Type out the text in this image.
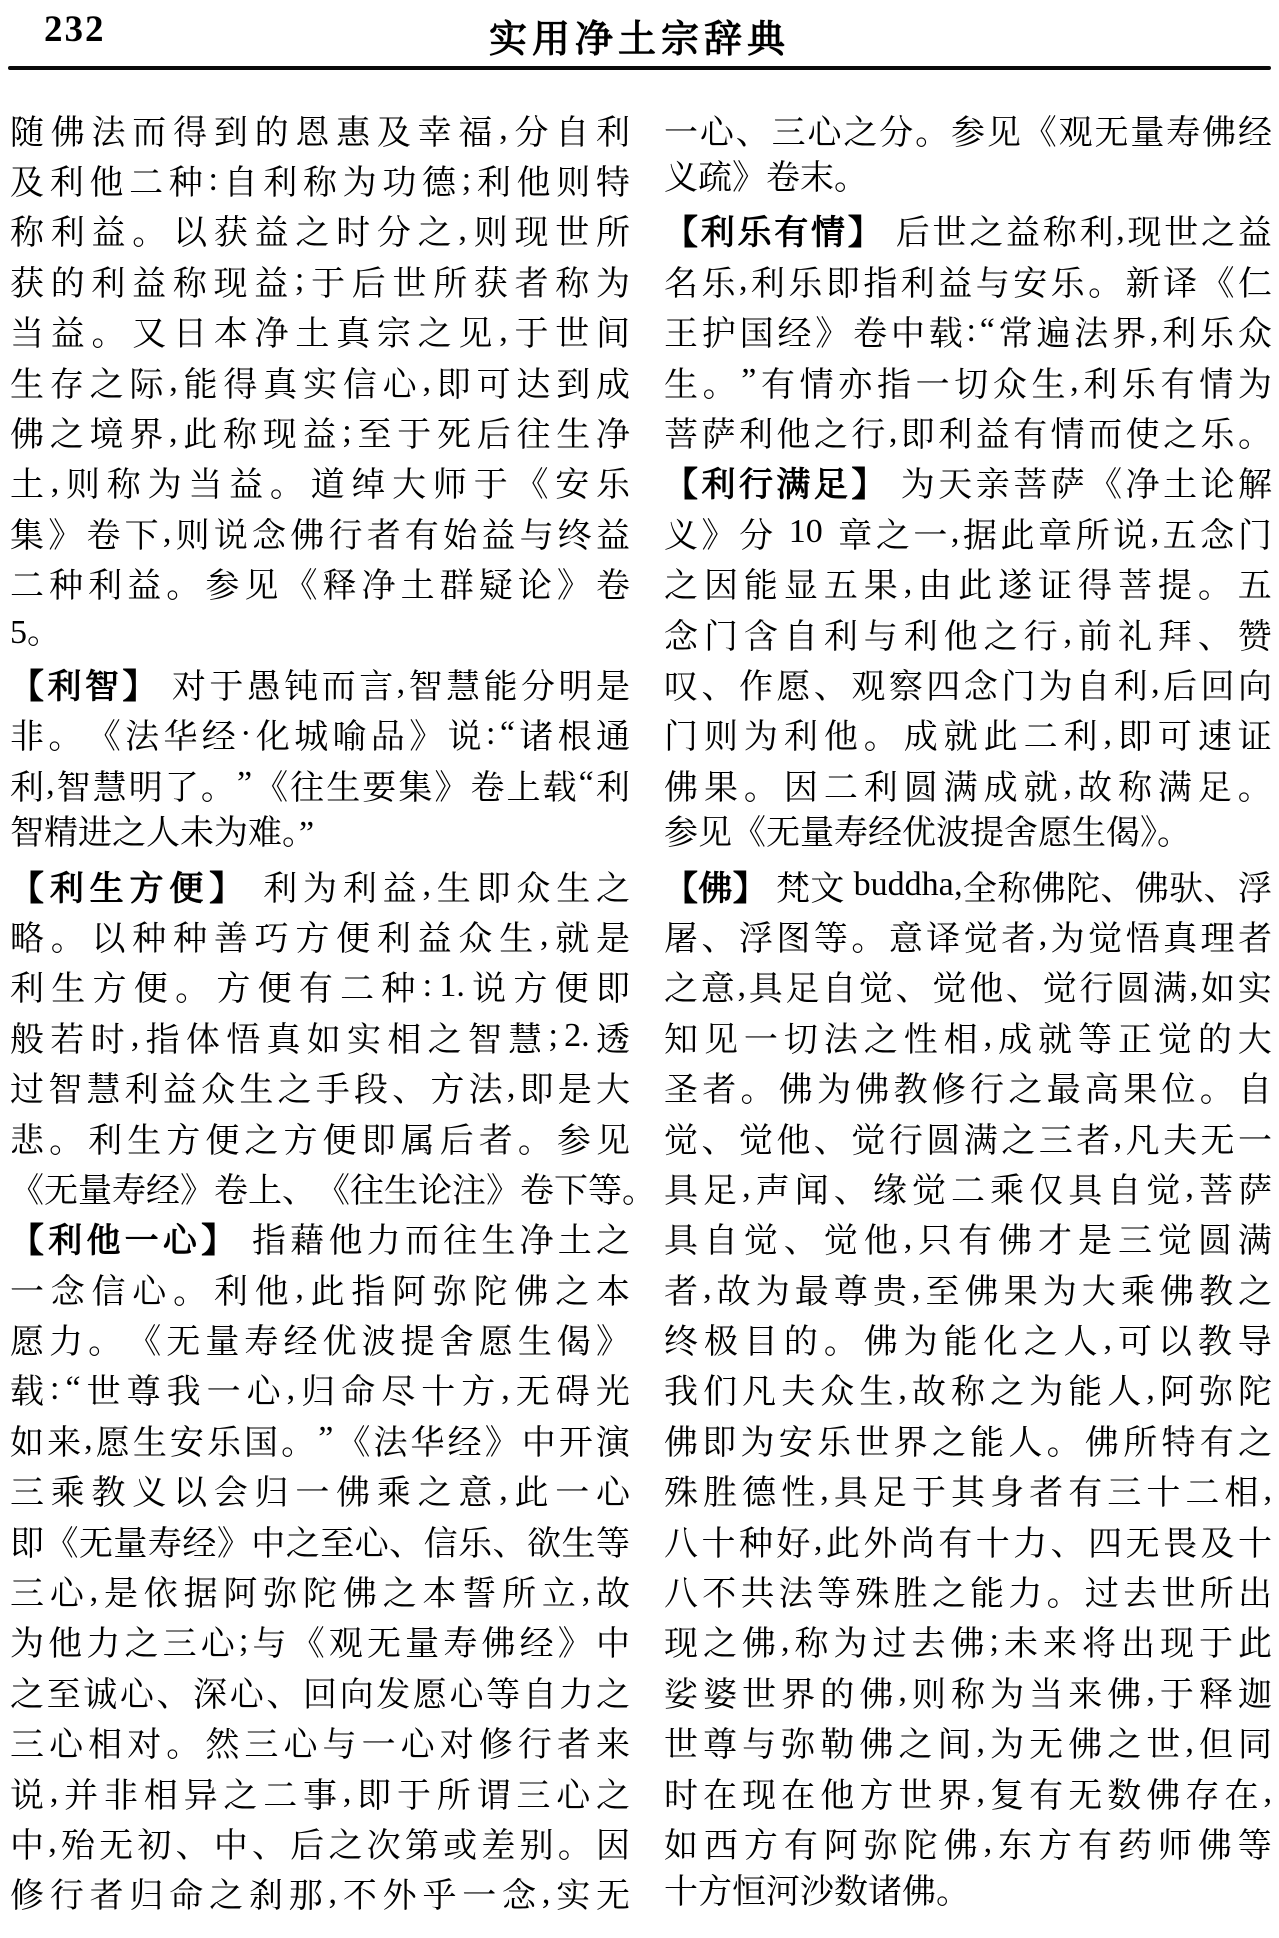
232	实用净土宗辞典
随 佛 法 而 得 到 的 恩 惠 及 幸 福 , 分 自 利
及 利 他 二 种 : 自 利 称 为 功 德 ; 利 他 则 特
称 利 益 。 以 获 益 之 时 分 之 , 则 现 世 所
获 的 利 益 称 现 益 ; 于 后 世 所 获 者 称 为
当 益 。 又 日 本 净 土 真 宗 之 见 , 于 世 间
生 存 之 际 , 能 得 真 实 信 心 , 即 可 达 到 成
佛 之 境 界 , 此 称 现 益 ; 至 于 死 后 往 生 净
土 , 则 称 为 当 益 。 道 绰 大 师 于 《 安 乐
集 》 卷 下 , 则 说 念 佛 行 者 有 始 益 与 终 益
二 种 利 益 。 参 见 《 释 净 土 群 疑 论 》 卷
5。
【 利 智 】
对 于 愚 钝 而 言 , 智 慧 能 分 明 是
非 。 《 法 华 经 · 化 城 喻 品 》 说 : “ 诸 根 通
利 , 智 慧 明 了 。 ” 《 往 生 要 集 》 卷 上 载 “ 利
智精进之人未为难。”
【 利 生 方 便 】
利 为 利 益 , 生 即 众 生 之
略 。 以 种 种 善 巧 方 便 利 益 众 生 , 就 是
利 生 方 便 。 方 便 有 二 种 : 1. 说 方 便 即
般 若 时 , 指 体 悟 真 如 实 相 之 智 慧 ; 2. 透
过 智 慧 利 益 众 生 之 手 段 、 方 法 , 即 是 大
悲 。 利 生 方 便 之 方 便 即 属 后 者 。 参 见
《 无 量 寿 经 》 卷 上 、 《 往 生 论 注 》 卷 下 等 。
【 利 他 一 心 】
指 藉 他 力 而 往 生 净 土 之
一 念 信 心 。 利 他 , 此 指 阿 弥 陀 佛 之 本
愿 力 。 《 无 量 寿 经 优 波 提 舍 愿 生 偈 》
载 : “ 世 尊 我 一 心 , 归 命 尽 十 方 , 无 碍 光
如 来 , 愿 生 安 乐 国 。 ” 《 法 华 经 》 中 开 演
三 乘 教 义 以 会 归 一 佛 乘 之 意 , 此 一 心
即 《 无 量 寿 经 》 中 之 至 心 、 信 乐 、 欲 生 等
三 心 , 是 依 据 阿 弥 陀 佛 之 本 誓 所 立 , 故
为 他 力 之 三 心 ; 与 《 观 无 量 寿 佛 经 》 中
之 至 诚 心 、 深 心 、 回 向 发 愿 心 等 自 力 之
三 心 相 对 。 然 三 心 与 一 心 对 修 行 者 来
说 , 并 非 相 异 之 二 事 , 即 于 所 谓 三 心 之
中 , 殆 无 初 、 中 、 后 之 次 第 或 差 别 。 因
修 行 者 归 命 之 刹 那 , 不 外 乎 一 念 , 实 无
一 心 、 三 心 之 分 。 参 见 《 观 无 量 寿 佛 经
义疏》卷末。
【 利 乐 有 情 】
后 世 之 益 称 利 , 现 世 之 益
名 乐 , 利 乐 即 指 利 益 与 安 乐 。 新 译 《 仁
王 护 国 经 》 卷 中 载 : “ 常 遍 法 界 , 利 乐 众
生 。 ” 有 情 亦 指 一 切 众 生 , 利 乐 有 情 为
菩 萨 利 他 之 行 , 即 利 益 有 情 而 使 之 乐 。
【 利 行 满 足 】
为 天 亲 菩 萨 《 净 土 论 解
义 》 分
10
章 之 一 , 据 此 章 所 说 , 五 念 门
之 因 能 显 五 果 , 由 此 遂 证 得 菩 提 。 五
念 门 含 自 利 与 利 他 之 行 , 前 礼 拜 、 赞
叹 、 作 愿 、 观 察 四 念 门 为 自 利 , 后 回 向
门 则 为 利 他 。 成 就 此 二 利 , 即 可 速 证
佛 果 。 因 二 利 圆 满 成 就 , 故 称 满 足 。
参见《无量寿经优波提舍愿生偈》。
【 佛 】
梵 文
buddha , 全 称 佛 陀 、 佛 驮 、 浮
屠 、 浮 图 等 。 意 译 觉 者 , 为 觉 悟 真 理 者
之 意 , 具 足 自 觉 、 觉 他 、 觉 行 圆 满 , 如 实
知 见 一 切 法 之 性 相 , 成 就 等 正 觉 的 大
圣 者 。 佛 为 佛 教 修 行 之 最 高 果 位 。 自
觉 、 觉 他 、 觉 行 圆 满 之 三 者 , 凡 夫 无 一
具 足 , 声 闻 、 缘 觉 二 乘 仅 具 自 觉 , 菩 萨
具 自 觉 、 觉 他 , 只 有 佛 才 是 三 觉 圆 满
者 , 故 为 最 尊 贵 , 至 佛 果 为 大 乘 佛 教 之
终 极 目 的 。 佛 为 能 化 之 人 , 可 以 教 导
我 们 凡 夫 众 生 , 故 称 之 为 能 人 , 阿 弥 陀
佛 即 为 安 乐 世 界 之 能 人 。 佛 所 特 有 之
殊 胜 德 性 , 具 足 于 其 身 者 有 三 十 二 相 ,
八 十 种 好 , 此 外 尚 有 十 力 、 四 无 畏 及 十
八 不 共 法 等 殊 胜 之 能 力 。 过 去 世 所 出
现 之 佛 , 称 为 过 去 佛 ; 未 来 将 出 现 于 此
娑 婆 世 界 的 佛 , 则 称 为 当 来 佛 , 于 释 迦
世 尊 与 弥 勒 佛 之 间 , 为 无 佛 之 世 , 但 同
时 在 现 在 他 方 世 界 , 复 有 无 数 佛 存 在 ,
如 西 方 有 阿 弥 陀 佛 , 东 方 有 药 师 佛 等
十方恒河沙数诸佛。
